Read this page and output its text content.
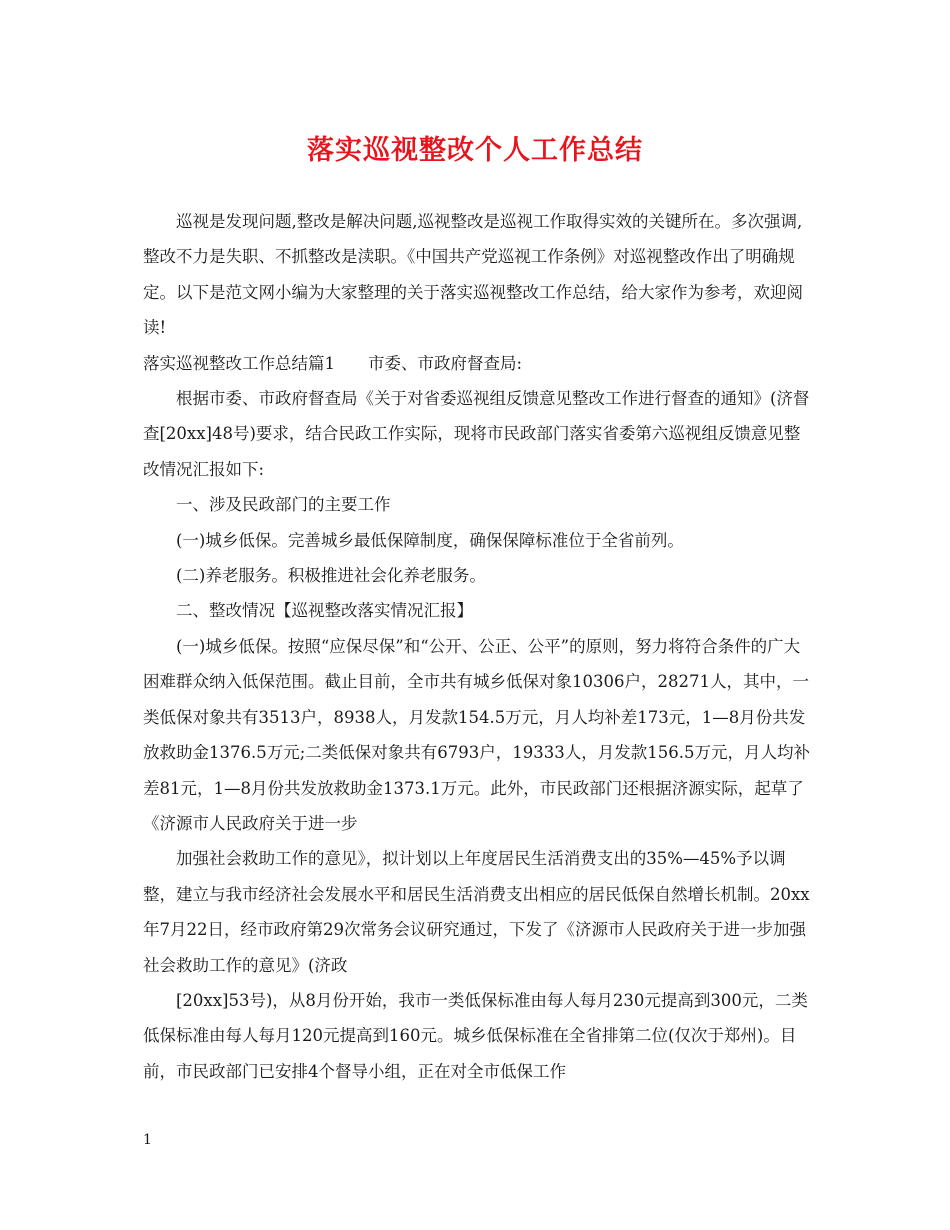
落实巡视整改个人工作总结

巡视是发现问题,整改是解决问题,巡视整改是巡视工作取得实效的关键所在。多次强调,整改不力是失职、不抓整改是渎职。《中国共产党巡视工作条例》对巡视整改作出了明确规定。以下是范文网小编为大家整理的关于落实巡视整改工作总结，给大家作为参考，欢迎阅读!

落实巡视整改工作总结篇1　　市委、市政府督查局:

根据市委、市政府督查局《关于对省委巡视组反馈意见整改工作进行督查的通知》(济督查[20xx]48号)要求，结合民政工作实际，现将市民政部门落实省委第六巡视组反馈意见整改情况汇报如下:

一、涉及民政部门的主要工作

(一)城乡低保。完善城乡最低保障制度，确保保障标准位于全省前列。

(二)养老服务。积极推进社会化养老服务。

二、整改情况【巡视整改落实情况汇报】

(一)城乡低保。按照“应保尽保”和“公开、公正、公平”的原则，努力将符合条件的广大困难群众纳入低保范围。截止目前，全市共有城乡低保对象10306户，28271人，其中，一类低保对象共有3513户，8938人，月发款154.5万元，月人均补差173元，1—8月份共发放救助金1376.5万元;二类低保对象共有6793户，19333人，月发款156.5万元，月人均补差81元，1—8月份共发放救助金1373.1万元。此外，市民政部门还根据济源实际，起草了《济源市人民政府关于进一步

加强社会救助工作的意见》，拟计划以上年度居民生活消费支出的35%—45%予以调整，建立与我市经济社会发展水平和居民生活消费支出相应的居民低保自然增长机制。20xx年7月22日，经市政府第29次常务会议研究通过，下发了《济源市人民政府关于进一步加强社会救助工作的意见》(济政

[20xx]53号)，从8月份开始，我市一类低保标准由每人每月230元提高到300元，二类低保标准由每人每月120元提高到160元。城乡低保标准在全省排第二位(仅次于郑州)。目前，市民政部门已安排4个督导小组，正在对全市低保工作

1
